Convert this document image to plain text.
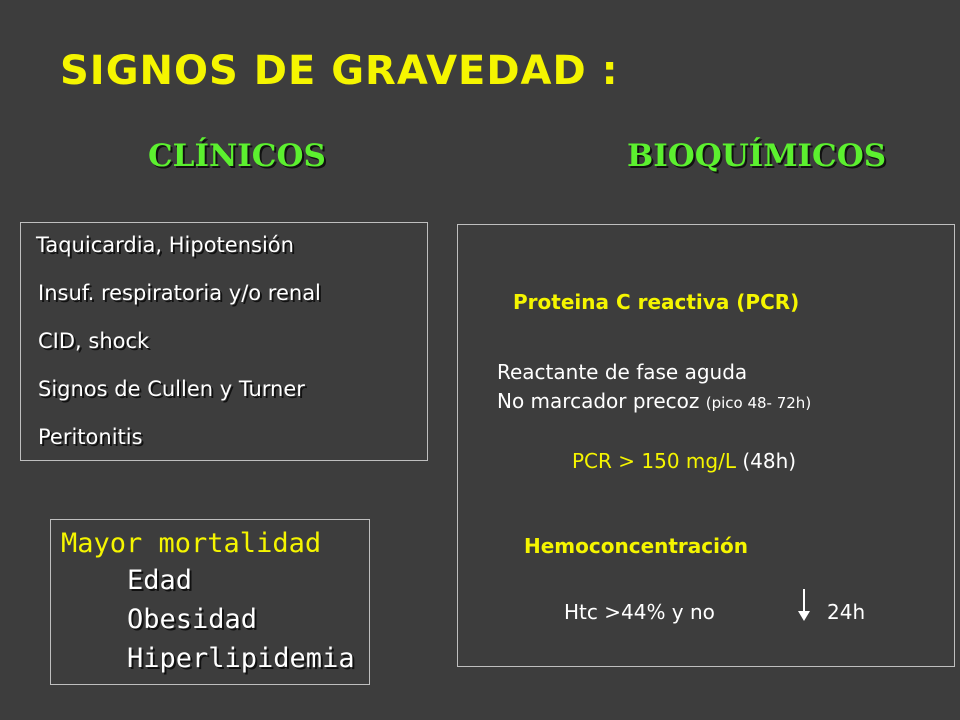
SIGNOS DE GRAVEDAD :
CLÍNICOS	BIOQUÍMICOS
Taquicardia, Hipotensión
Insuf. respiratoria y/o renal
CID, shock
Signos de Cullen y Turner
Peritonitis
Proteina C reactiva (PCR)
Reactante de fase aguda
No marcador precoz (pico 48- 72h)
PCR > 150 mg/L (48h)
Hemoconcentración
Htc >44% y no	24h
Mayor mortalidad
Edad
Obesidad
Hiperlipidemia
